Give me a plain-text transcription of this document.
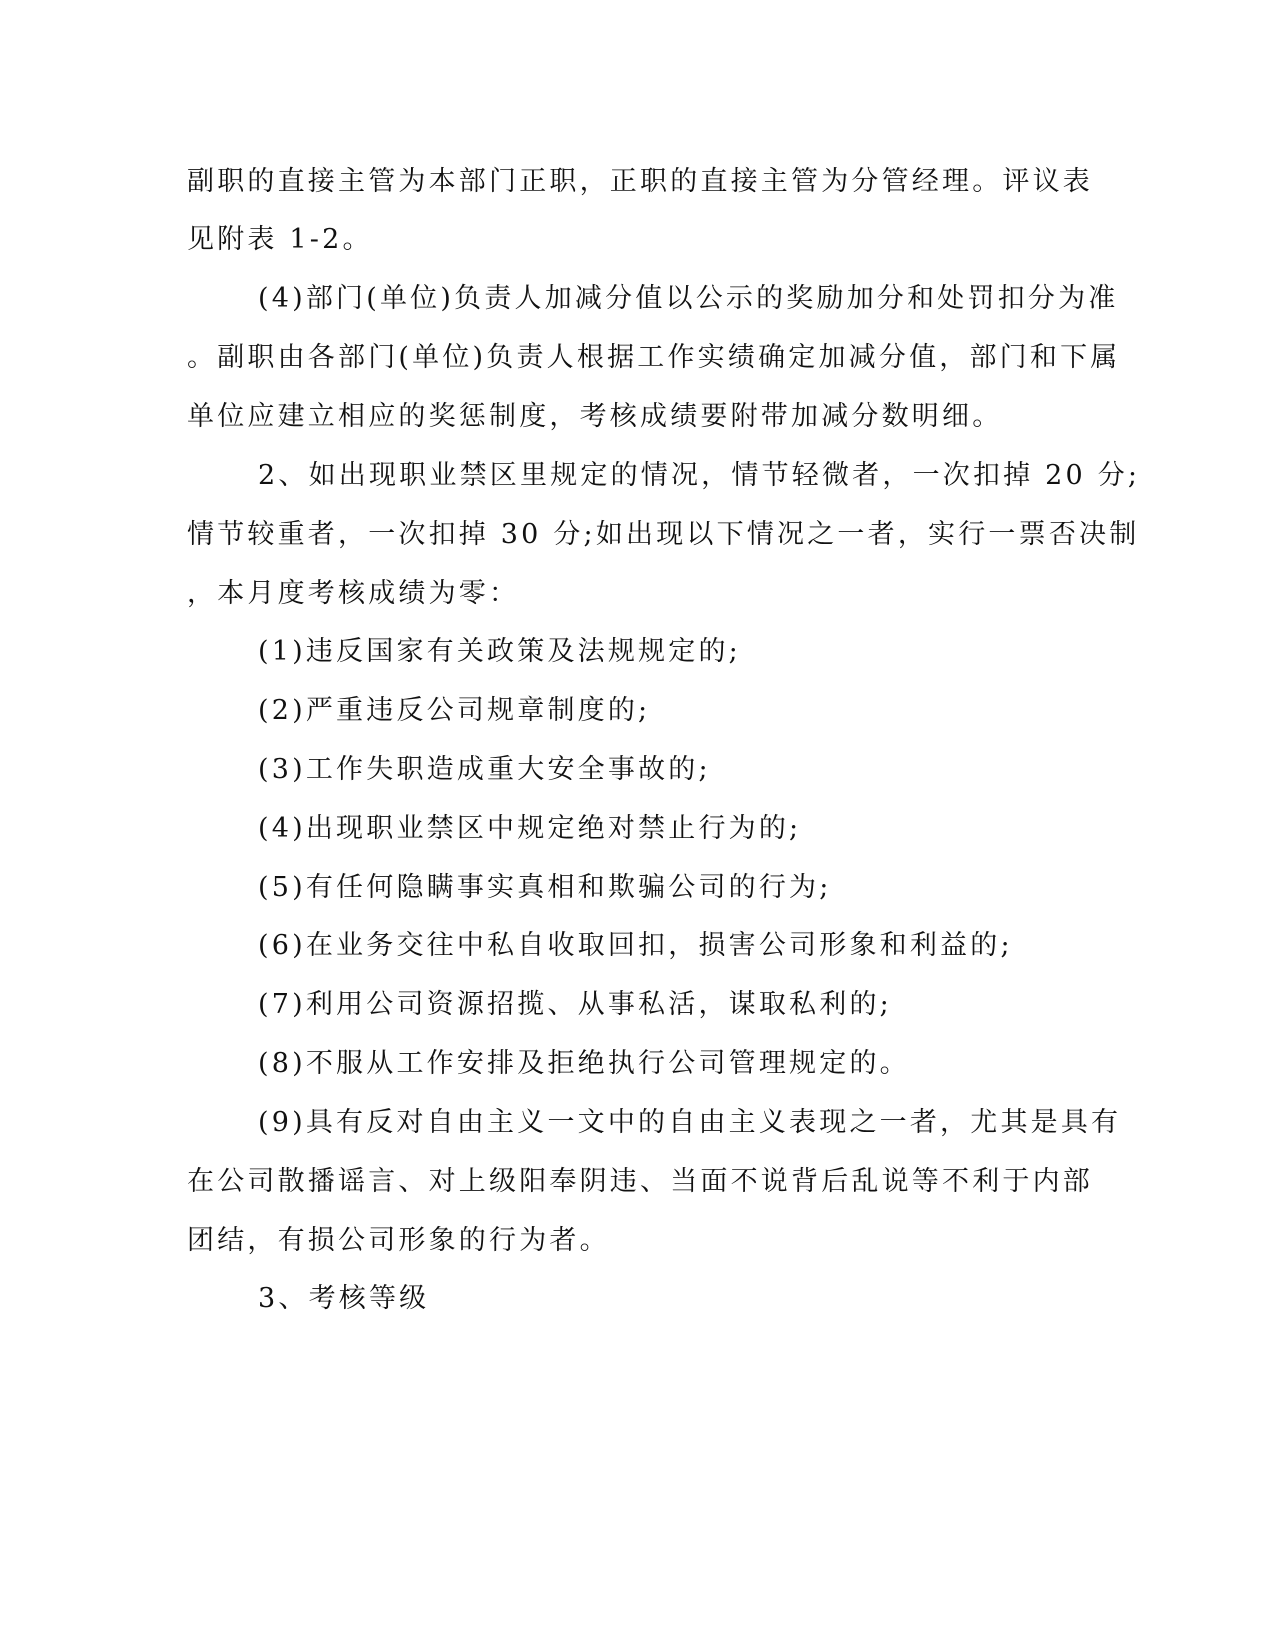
副职的直接主管为本部门正职，正职的直接主管为分管经理。评议表
见附表 1-2。
(4)部门(单位)负责人加减分值以公示的奖励加分和处罚扣分为准
。副职由各部门(单位)负责人根据工作实绩确定加减分值，部门和下属
单位应建立相应的奖惩制度，考核成绩要附带加减分数明细。
2、如出现职业禁区里规定的情况，情节轻微者，一次扣掉 20 分;
情节较重者，一次扣掉 30 分;如出现以下情况之一者，实行一票否决制
，本月度考核成绩为零：
(1)违反国家有关政策及法规规定的;
(2)严重违反公司规章制度的;
(3)工作失职造成重大安全事故的;
(4)出现职业禁区中规定绝对禁止行为的;
(5)有任何隐瞒事实真相和欺骗公司的行为;
(6)在业务交往中私自收取回扣，损害公司形象和利益的;
(7)利用公司资源招揽、从事私活，谋取私利的;
(8)不服从工作安排及拒绝执行公司管理规定的。
(9)具有反对自由主义一文中的自由主义表现之一者，尤其是具有
在公司散播谣言、对上级阳奉阴违、当面不说背后乱说等不利于内部
团结，有损公司形象的行为者。
3、考核等级
